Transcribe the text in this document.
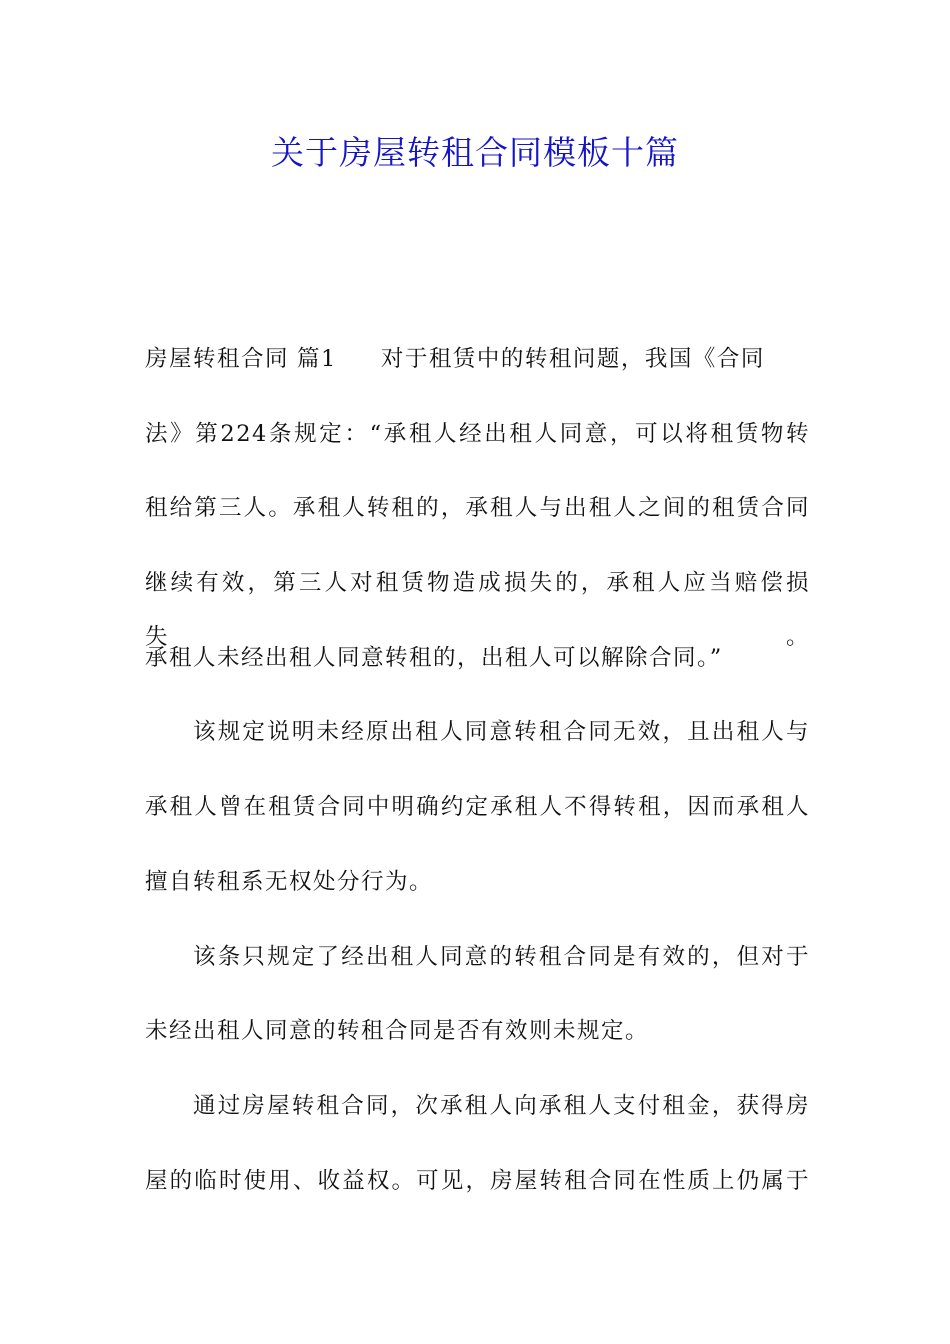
关于房屋转租合同模板十篇
房屋转租合同 篇1 对于租赁中的转租问题，我国《合同
法》第224条规定：“承租人经出租人同意，可以将租赁物转
租给第三人。承租人转租的，承租人与出租人之间的租赁合同
继续有效，第三人对租赁物造成损失的，承租人应当赔偿损失。
承租人未经出租人同意转租的，出租人可以解除合同。”
该规定说明未经原出租人同意转租合同无效，且出租人与
承租人曾在租赁合同中明确约定承租人不得转租，因而承租人
擅自转租系无权处分行为。
该条只规定了经出租人同意的转租合同是有效的，但对于
未经出租人同意的转租合同是否有效则未规定。
通过房屋转租合同，次承租人向承租人支付租金，获得房
屋的临时使用、收益权。可见，房屋转租合同在性质上仍属于
